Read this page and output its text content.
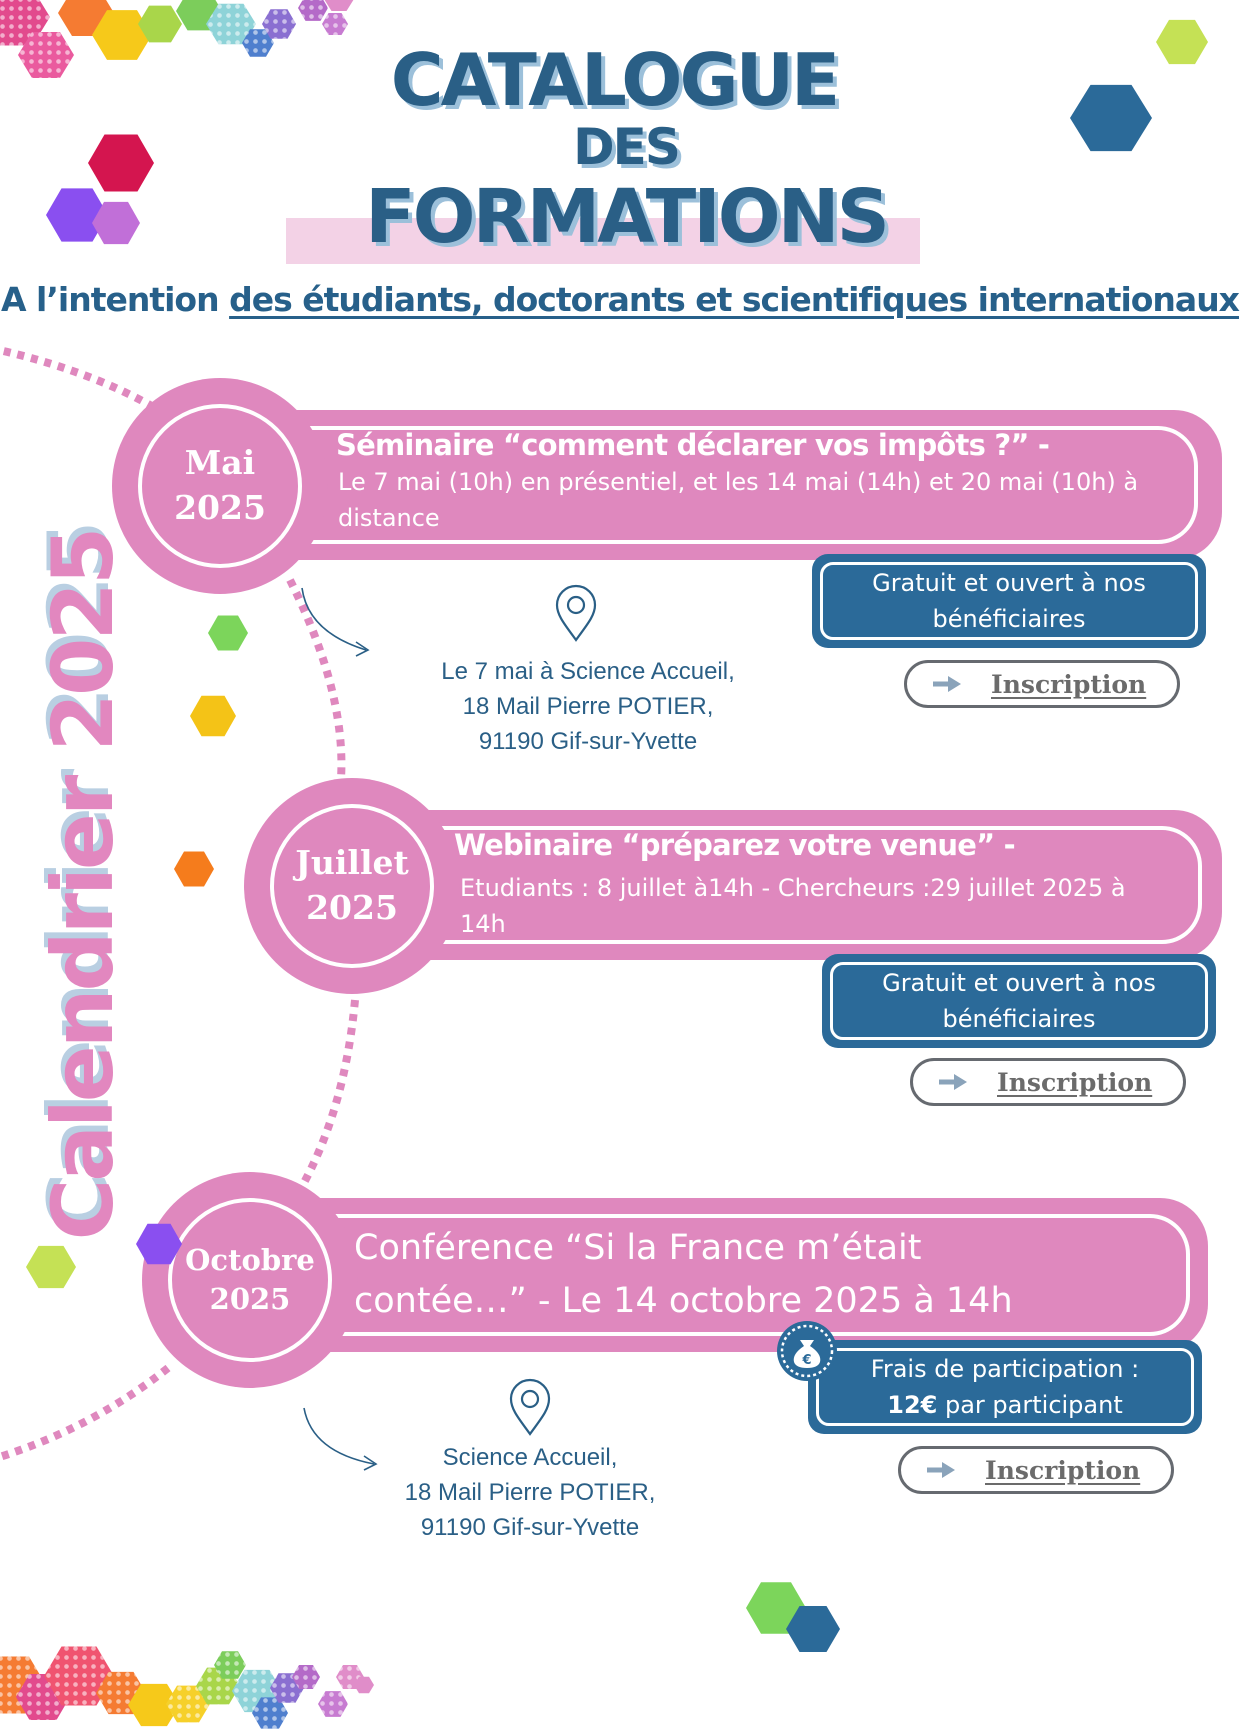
CATALOGUE
DES
FORMATIONS

A l’intention des étudiants, doctorants et scientifiques internationaux

Calendrier 2025
Mai
2025

Séminaire “comment déclarer vos impôts ?” -

Le 7 mai (10h) en présentiel, et les 14 mai (14h) et 20 mai (10h) à distance

Gratuit et ouvert à nos
bénéficiaires
Inscription

Le 7 mai à Science Accueil,
18 Mail Pierre POTIER,
91190 Gif-sur-Yvette

Juillet
2025

Webinaire “préparez votre venue” -

Etudiants : 8 juillet à14h - Chercheurs :29 juillet 2025 à 14h

Gratuit et ouvert à nos
bénéficiaires
Inscription
Octobre
2025

Conférence “Si la France m’était
contée…” - Le 14 octobre 2025 à 14h

Frais de participation :
12€ par participant
€
Inscription

Science Accueil,
18 Mail Pierre POTIER,
91190 Gif-sur-Yvette
